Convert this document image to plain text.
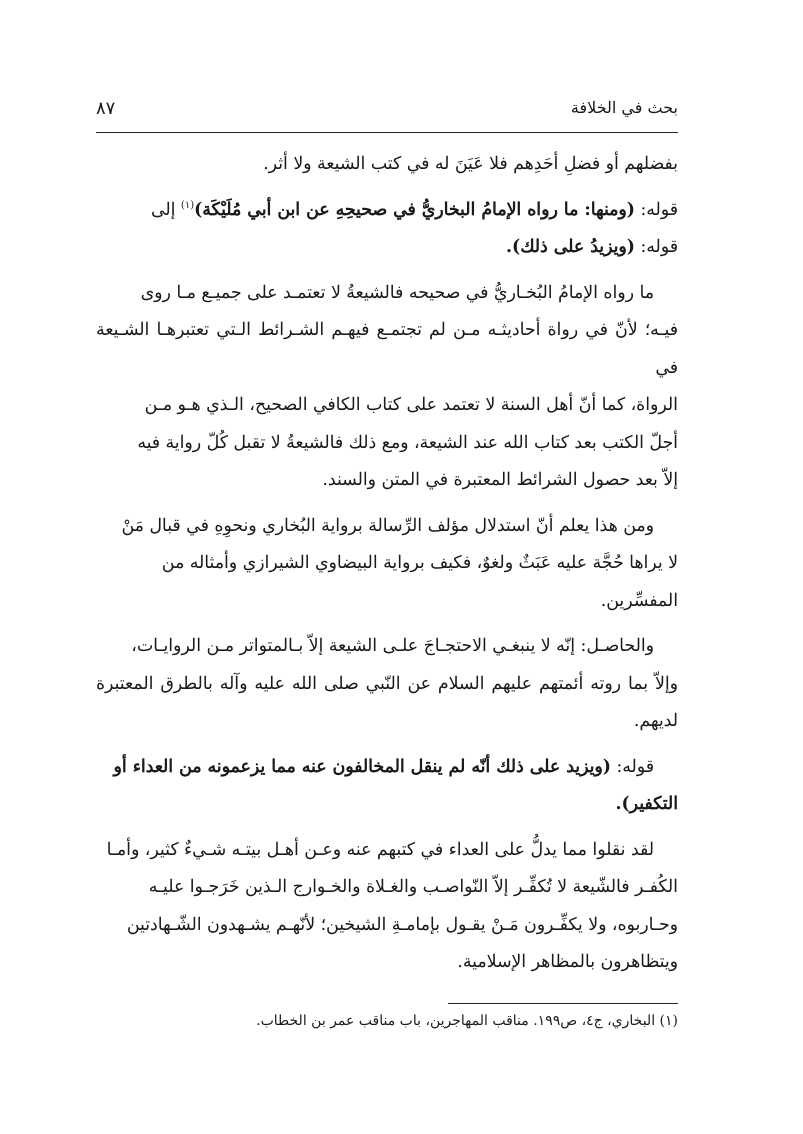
بحث في الخلافة
٨٧

بفضلهم أو فضلِ أحَدِهم فلا عَيَنَ له في كتب الشيعة ولا أثر.

قوله: (ومنها: ما رواه الإمامُ البخاريُّ في صحيحِهِ عن ابن أبي مُلَيْكَة)$^{(١)}$ إلى

قوله: (ويزيدُ على ذلك).

ما رواه الإمامُ البُخـاريُّ في صحيحه فالشيعةُ لا تعتمـد على جميـع مـا روى

فيـه؛ لأنّ في رواة أحاديثـه مـن لم تجتمـع فيهـم الشـرائط الـتي تعتبرهـا الشـيعة في

الرواة، كما أنّ أهل السنة لا تعتمد على كتاب الكافي الصحيح، الـذي هـو مـن

أجلّ الكتب بعد كتاب الله عند الشيعة، ومع ذلك فالشيعةُ لا تقبل كُلّ رواية فيه

إلاّ بعد حصول الشرائط المعتبرة في المتن والسند.

ومن هذا يعلم أنّ استدلال مؤلف الرِّسالة برواية البُخاري ونحوِهِ في قبال مَنْ

لا يراها حُجَّة عليه عَبَثٌ ولغوٌ، فكيف برواية البيضاوي الشيرازي وأمثاله من

المفسِّرين.

والحاصـل: إنّه لا ينبغـي الاحتجـاجَ علـى الشيعة إلاّ بـالمتواتر مـن الروايـات،

وإلاّ بما روته أئمتهم عليهم السلام عن النّبي صلى الله عليه وآله بالطرق المعتبرة لديهم.

قوله: (ويزيد على ذلك أنّه لم ينقل المخالفون عنه مما يزعمونه من العداء أو

التكفير).

لقد نقلوا مما يدلُّ على العداء في كتبهم عنه وعـن أهـل بيتـه شـيءٌ كثير، وأمـا

الكُفـر فالشّيعة لا تُكفِّـر إلاّ النّواصـب والغـلاة والخـوارج الـذين خَرَجـوا عليـه

وحـاربوه، ولا يكفِّـرون مَـنْ يقـول بإمامـةِ الشيخين؛ لأنّهـم يشـهدون الشّـهادتين

ويتظاهرون بالمظاهر الإسلامية.

(١) البخاري، ج٤، ص١٩٩. مناقب المهاجرين، باب مناقب عمر بن الخطاب.
